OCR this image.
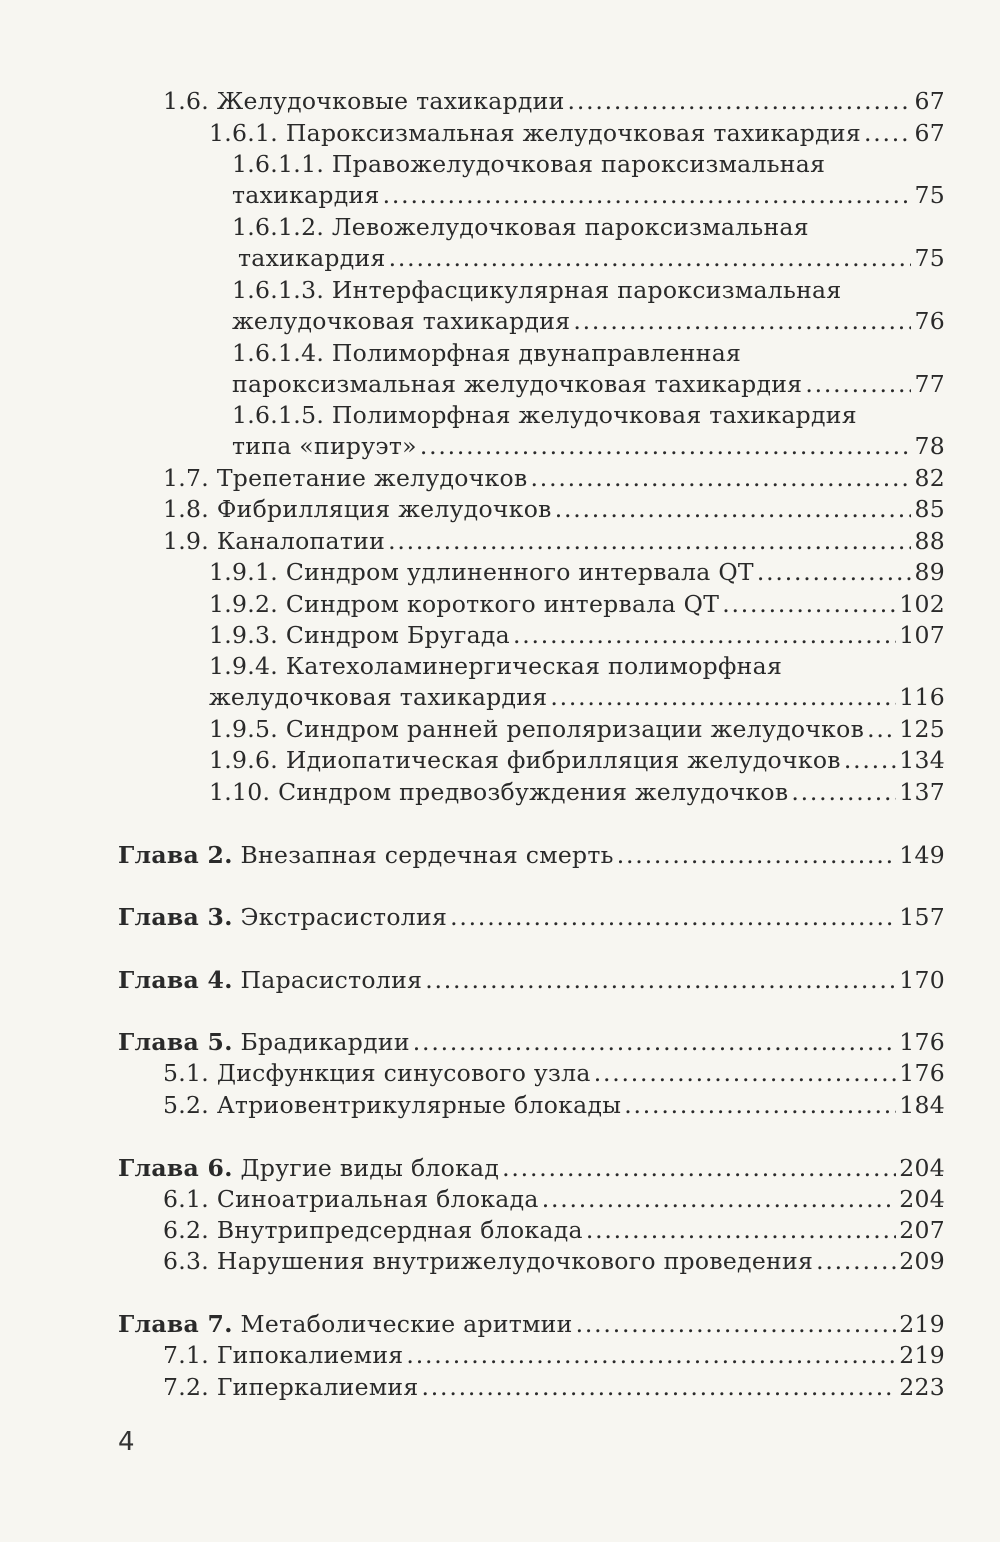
1.6. Желудочковые тахикардии .....	67
1.6.1. Пароксизмальная желудочковая тахикардия ..... 67
1.6.1.1. Правожелудочковая пароксизмальная
тахикардия .....	75
1.6.1.2. Левожелудочковая пароксизмальная
тахикардия .....	75
1.6.1.3. Интерфасцикулярная пароксизмальная
желудочковая тахикардия .....	76
1.6.1.4. Полиморфная двунаправленная
пароксизмальная желудочковая тахикардия .....	77
1.6.1.5. Полиморфная желудочковая тахикардия
типа «пируэт» .....	78
1.7. Трепетание желудочков .....	82
1.8. Фибрилляция желудочков .....	85
1.9. Каналопатии .....	88
1.9.1. Синдром удлиненного интервала QT .....	89
1.9.2. Синдром короткого интервала QT .....	102
1.9.3. Синдром Бругада .....	107
1.9.4. Катехоламинергическая полиморфная
желудочковая тахикардия .....	116
1.9.5. Синдром ранней реполяризации желудочков ..... 125
1.9.6. Идиопатическая фибрилляция желудочков ..... 134
1.10. Синдром предвозбуждения желудочков .....	137
Глава 2. Внезапная сердечная смерть .....	149
Глава 3. Экстрасистолия .....	157
Глава 4. Парасистолия .....	170
Глава 5. Брадикардии .....	176
5.1. Дисфункция синусового узла .....	176
5.2. Атриовентрикулярные блокады .....	184
Глава 6. Другие виды блокад .....	204
6.1. Синоатриальная блокада .....	204
6.2. Внутрипредсердная блокада .....	207
6.3. Нарушения внутрижелудочкового проведения .....	209
Глава 7. Метаболические аритмии .....	219
7.1. Гипокалиемия .....	219
7.2. Гиперкалиемия .....	223
4
